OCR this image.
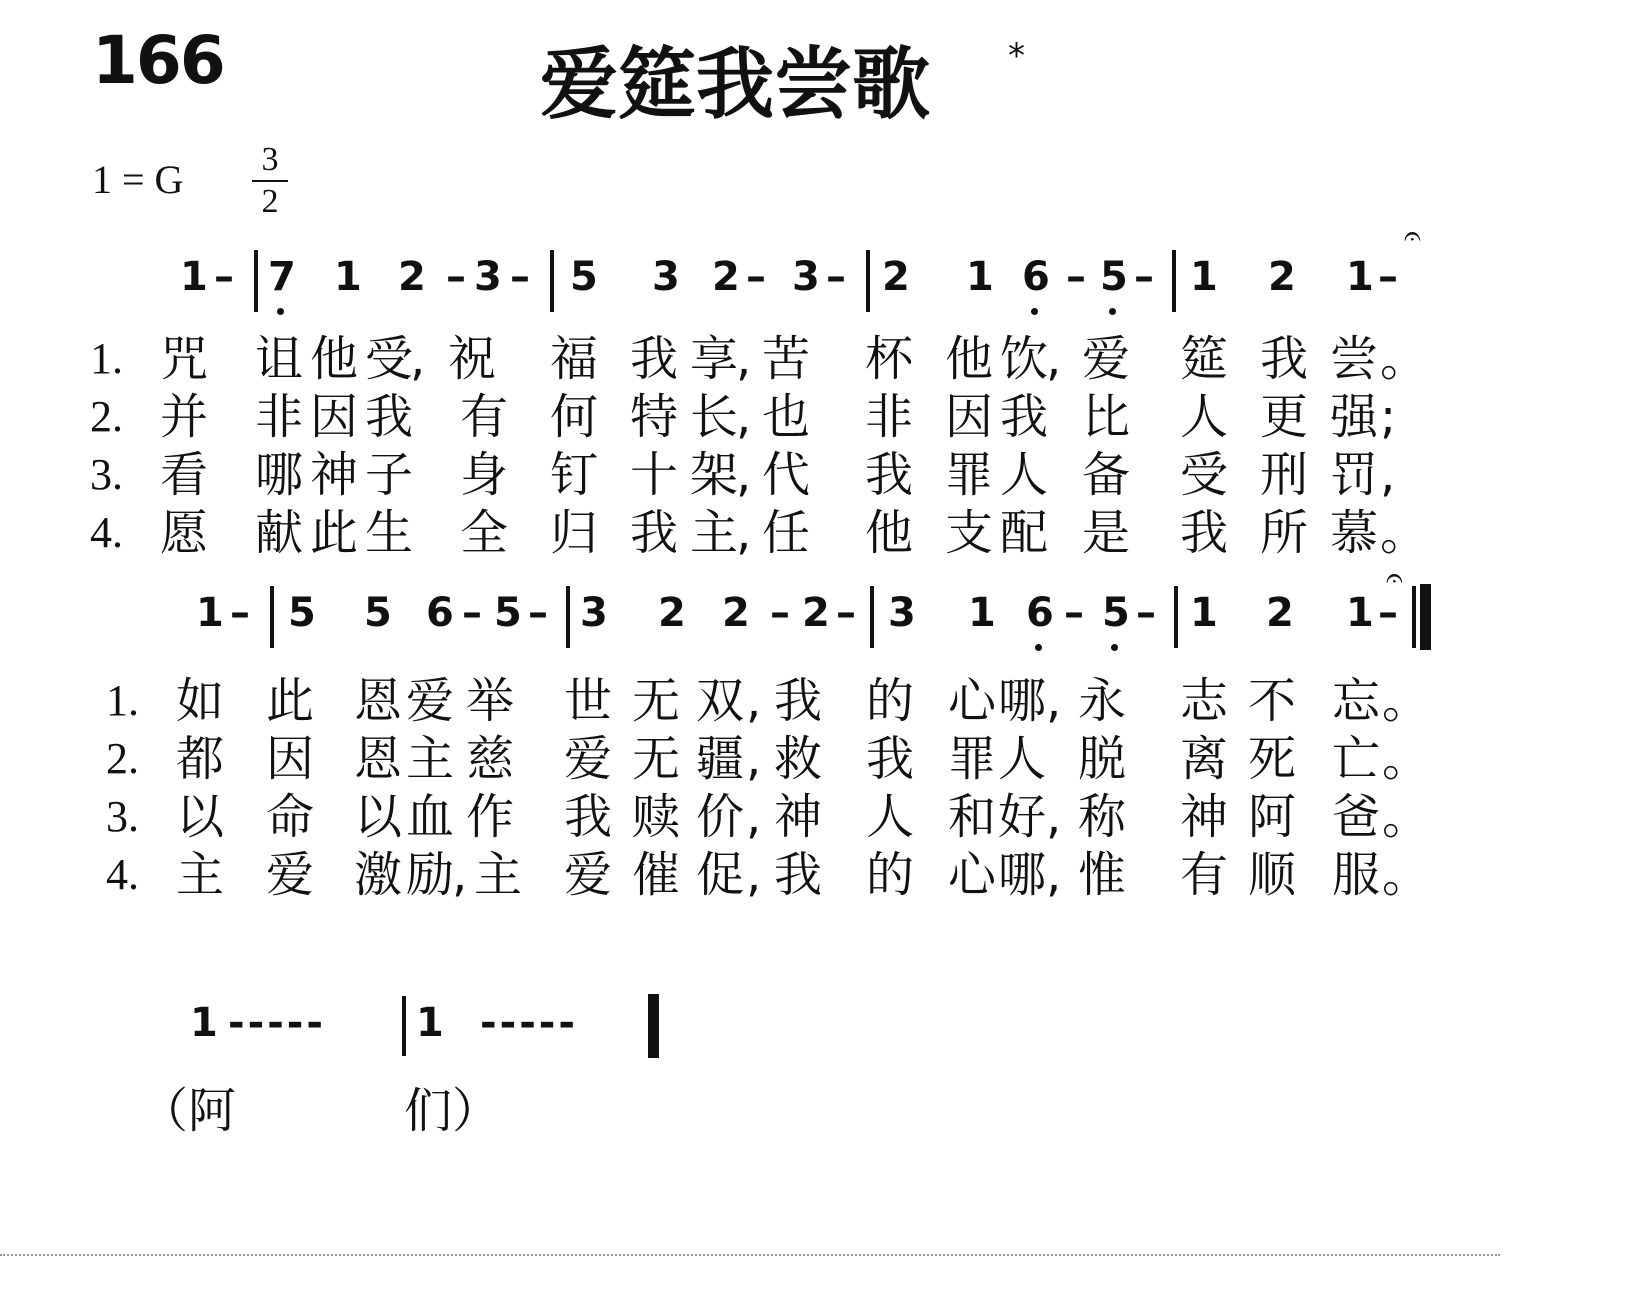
166	爱筵我尝歌 *
1 = G $\frac{3}{2}$
𝄐
1 – 7 1 2 – 3 – 5 3 2 – 3 – 2 1 6 – 5 – 1 2 1 –
1. 咒 诅 他 受
, 祝 福 我 享
, 苦 杯 他 饮
, 爱 筵 我 尝 。
2. 并 非 因 我 有 何 特 长
, 也 非 因 我 比 人 更 强 ;
3. 看 哪 神 子 身 钉 十 架
, 代 我 罪 人 备 受 刑 罚 ,
4. 愿 献 此 生 全 归 我 主
, 任 他 支 配 是 我 所 慕 。
𝄐
1 – 5 5 6 – 5 – 3 2 2 – 2 – 3 1 6 – 5 – 1 2 1 –
1. 如 此 恩 爱 举 世 无 双 , 我 的 心 哪 , 永 志 不 忘 。
2. 都 因 恩 主 慈 爱 无 疆 , 救 我 罪 人 脱 离 死 亡 。
3. 以 命 以 血 作 我 赎 价 , 神 人 和 好 , 称 神 阿 爸 。
4. 主 爱 激 励
, 主 爱 催 促 , 我 的 心 哪 , 惟 有 顺 服 。
1 ----- 1 -----
（阿	们）
